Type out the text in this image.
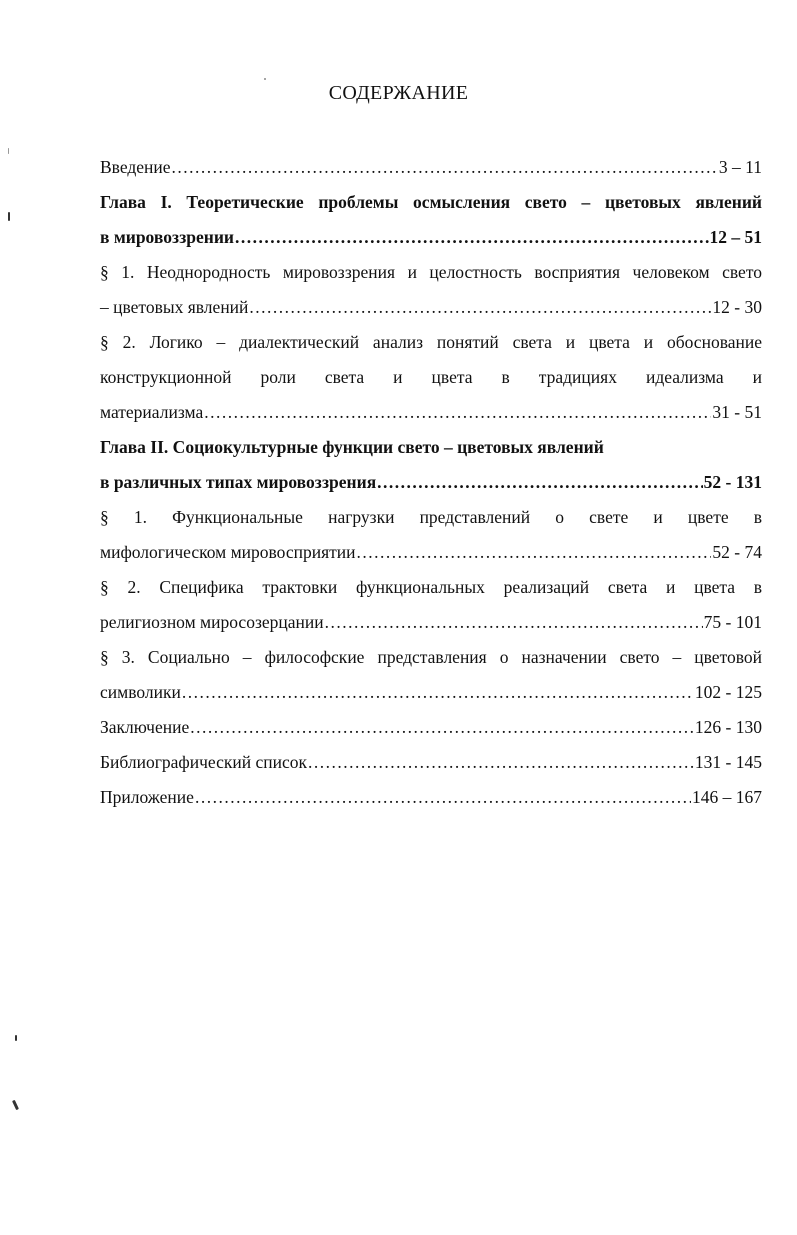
СОДЕРЖАНИЕ
Введение .....	3 – 11
Глава I. Теоретические проблемы осмысления свето – цветовых явлений
в мировоззрении .....	12 – 51
§ 1. Неоднородность мировоззрения и целостность восприятия человеком свето
– цветовых явлений .....	12 - 30
§ 2. Логико – диалектический анализ понятий света и цвета и обоснование
конструкционной роли света и цвета в традициях идеализма и
материализма .....	31 - 51
Глава II. Социокультурные функции свето – цветовых явлений
в различных типах мировоззрения .....	52 - 131
§ 1. Функциональные нагрузки представлений о свете и цвете в
мифологическом мировосприятии .....	52 - 74
§ 2. Специфика трактовки функциональных реализаций света и цвета в
религиозном миросозерцании .....	75 - 101
§ 3. Социально – философские представления о назначении свето – цветовой
символики .....	102 - 125
Заключение .....	126 - 130
Библиографический список .....	131 - 145
Приложение .....	146 – 167
